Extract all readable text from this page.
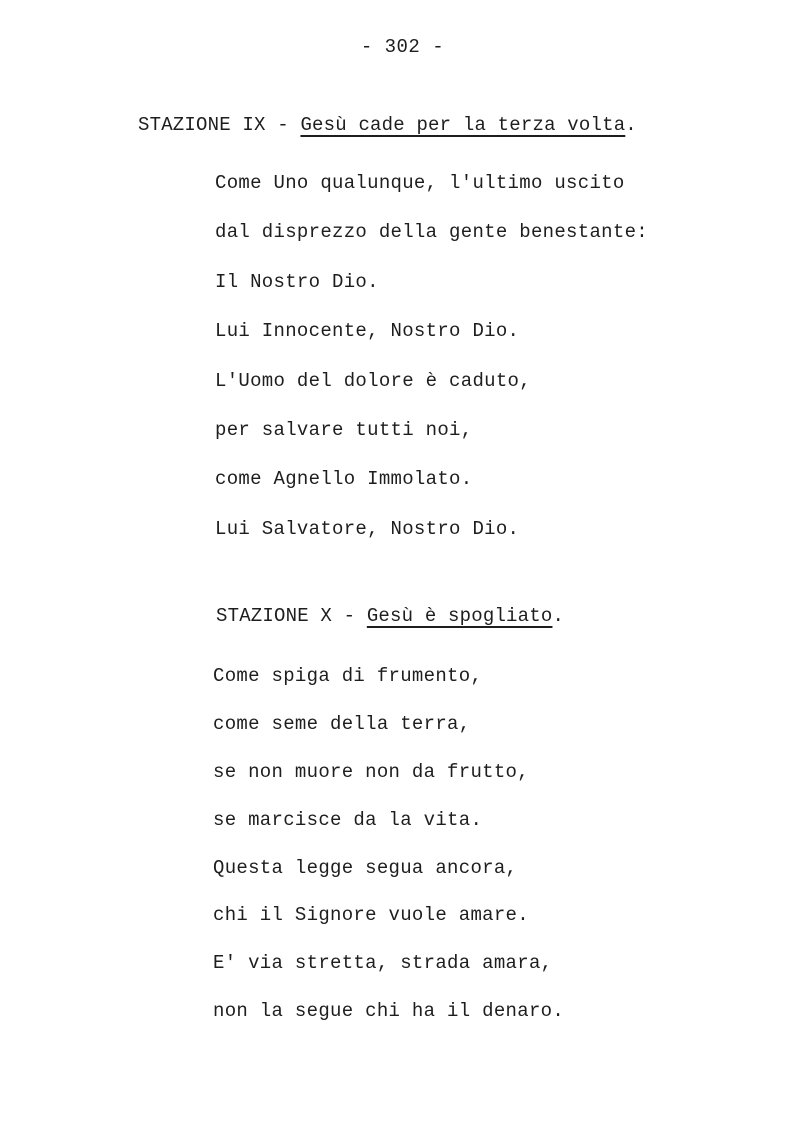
- 302 -
STAZIONE IX - Gesù cade per la terza volta.
Come Uno qualunque, l'ultimo uscito
dal disprezzo della gente benestante:
Il Nostro Dio.
Lui Innocente, Nostro Dio.
L'Uomo del dolore è caduto,
per salvare tutti noi,
come Agnello Immolato.
Lui Salvatore, Nostro Dio.
STAZIONE X - Gesù è spogliato.
Come spiga di frumento,
come seme della terra,
se non muore non da frutto,
se marcisce da la vita.
Questa legge segua ancora,
chi il Signore vuole amare.
E' via stretta, strada amara,
non la segue chi ha il denaro.
